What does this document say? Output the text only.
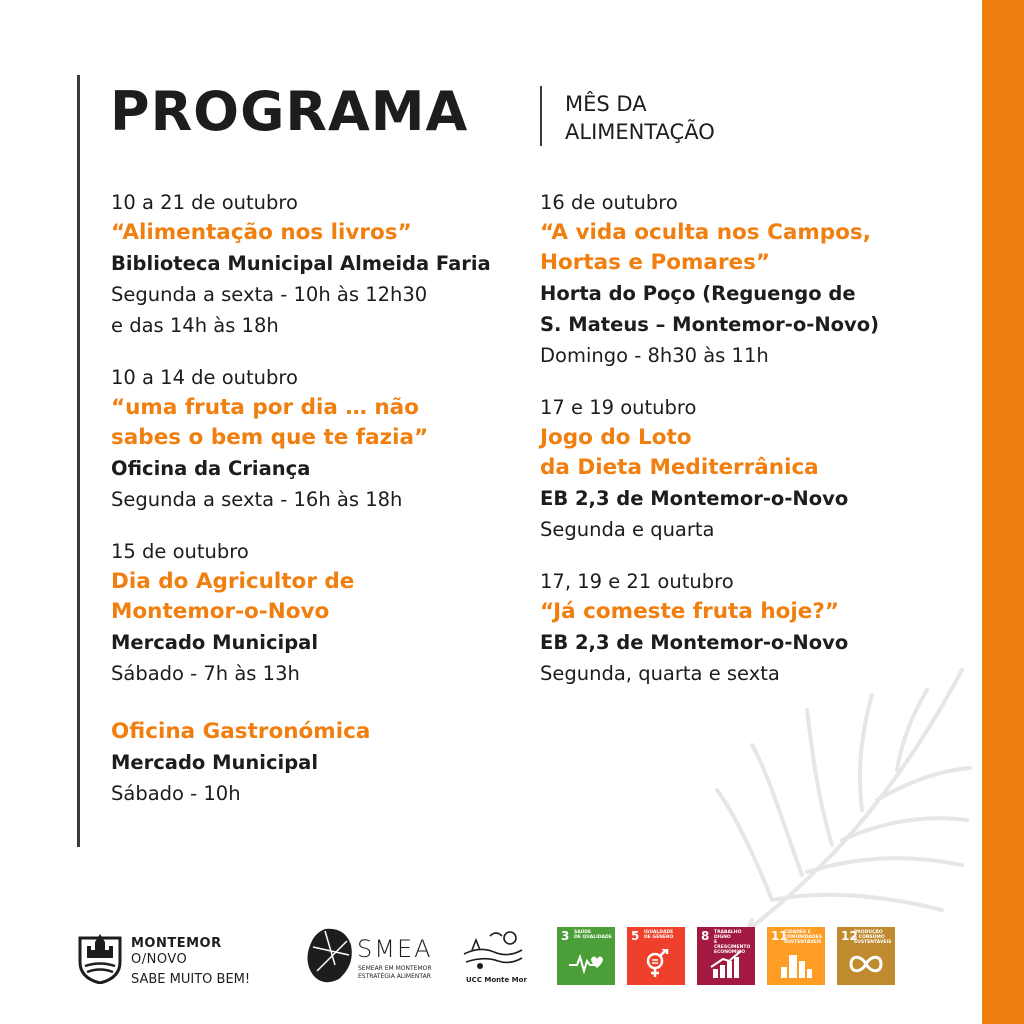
PROGRAMA	MÊS DA
ALIMENTAÇÃO

10 a 21 de outubro
“Alimentação nos livros”
Biblioteca Municipal Almeida Faria
Segunda a sexta - 10h às 12h30
e das 14h às 18h
10 a 14 de outubro
“uma fruta por dia … não
sabes o bem que te fazia”
Oficina da Criança
Segunda a sexta - 16h às 18h
15 de outubro
Dia do Agricultor de
Montemor-o-Novo
Mercado Municipal
Sábado - 7h às 13h
Oficina Gastronómica
Mercado Municipal
Sábado - 10h
16 de outubro
“A vida oculta nos Campos,
Hortas e Pomares”
Horta do Poço (Reguengo de
S. Mateus – Montemor-o-Novo)
Domingo - 8h30 às 11h
17 e 19 outubro
Jogo do Loto
da Dieta Mediterrânica
EB 2,3 de Montemor-o-Novo
Segunda e quarta
17, 19 e 21 outubro
“Já comeste fruta hoje?”
EB 2,3 de Montemor-o-Novo
Segunda, quarta e sexta
MONTEMOR
O/NOVO
SABE MUITO BEM!
SMEA
SEMEAR EM MONTEMOR
ESTRATÉGIA ALIMENTAR	UCC Monte Mor
3 SAÚDE
DE QUALIDADE 5 IGUALDADE
DE GÉNERO	8 TRABALHO DIGNO
E CRESCIMENTO
ECONÓMICO
11
CIDADES E
COMUNIDADES
SUSTENTÁVEIS 12
PRODUÇÃO
E CONSUMO
SUSTENTÁVEIS
